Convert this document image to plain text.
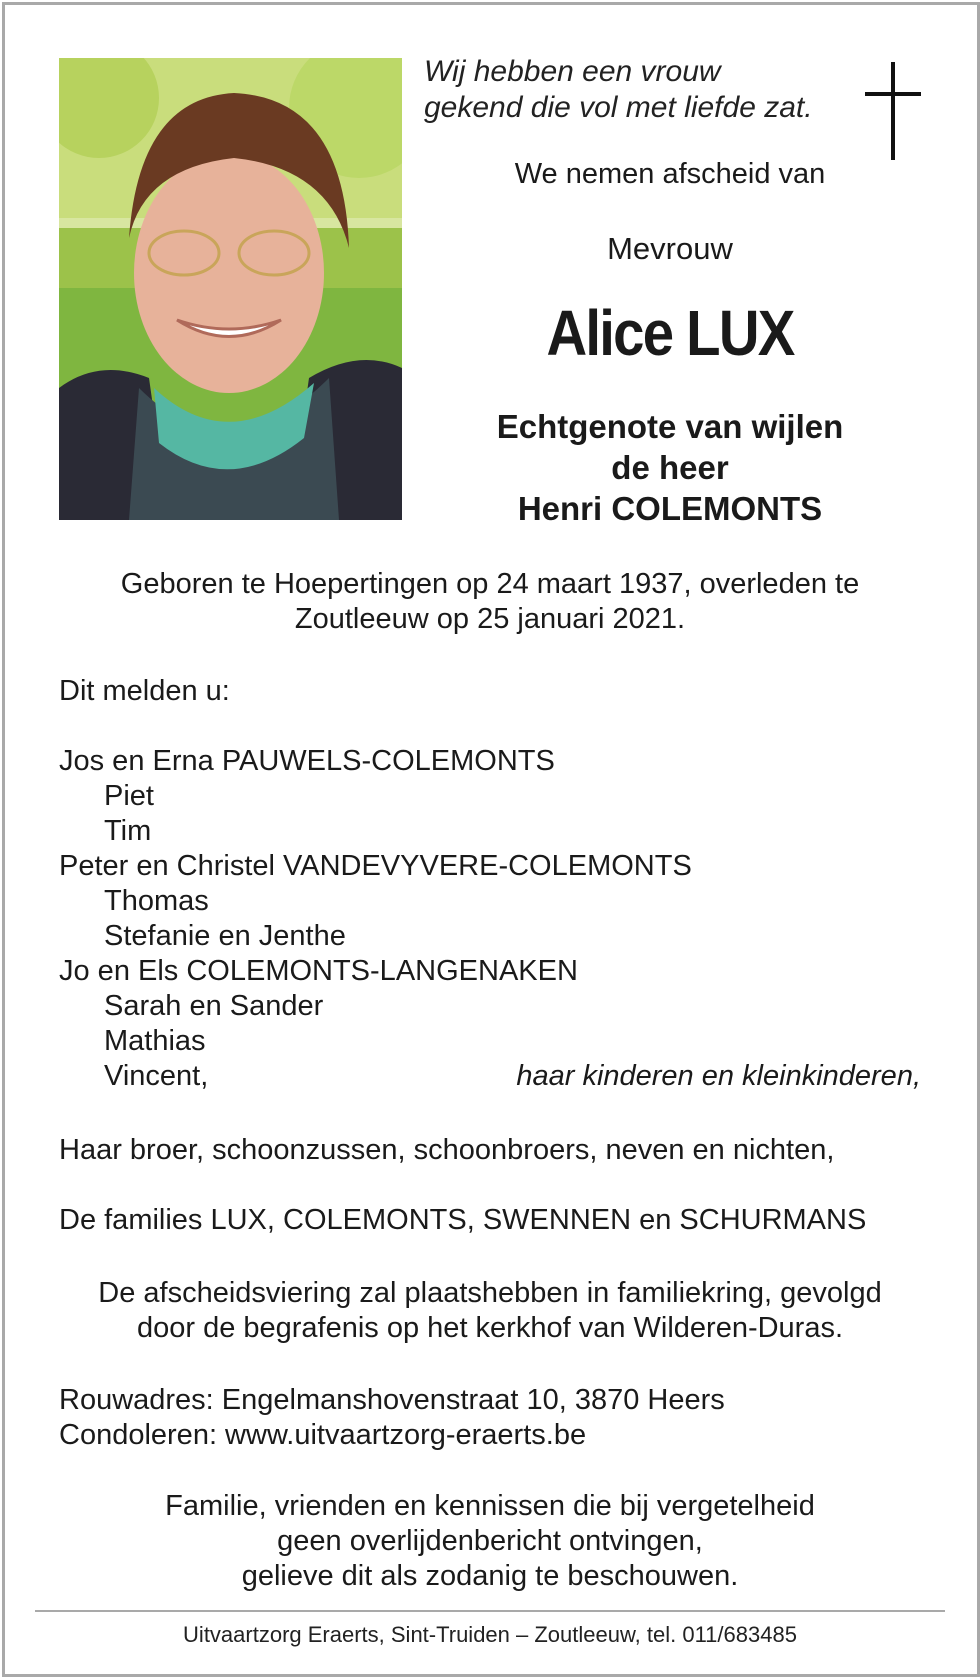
Wij hebben een vrouw
gekend die vol met liefde zat.
We nemen afscheid van
Mevrouw
Alice LUX
Echtgenote van wijlen
de heer
Henri COLEMONTS
Geboren te Hoepertingen op 24 maart 1937, overleden te
Zoutleeuw op 25 januari 2021.
Dit melden u:
Jos en Erna PAUWELS-COLEMONTS
Piet
Tim
Peter en Christel VANDEVYVERE-COLEMONTS
Thomas
Stefanie en Jenthe
Jo en Els COLEMONTS-LANGENAKEN
Sarah en Sander
Mathias
Vincent,	haar kinderen en kleinkinderen,
Haar broer, schoonzussen, schoonbroers, neven en nichten,
De families LUX, COLEMONTS, SWENNEN en SCHURMANS
De afscheidsviering zal plaatshebben in familiekring, gevolgd
door de begrafenis op het kerkhof van Wilderen-Duras.
Rouwadres: Engelmanshovenstraat 10, 3870 Heers
Condoleren: www.uitvaartzorg-eraerts.be
Familie, vrienden en kennissen die bij vergetelheid
geen overlijdenbericht ontvingen,
gelieve dit als zodanig te beschouwen.
Uitvaartzorg Eraerts, Sint-Truiden – Zoutleeuw, tel. 011/683485
